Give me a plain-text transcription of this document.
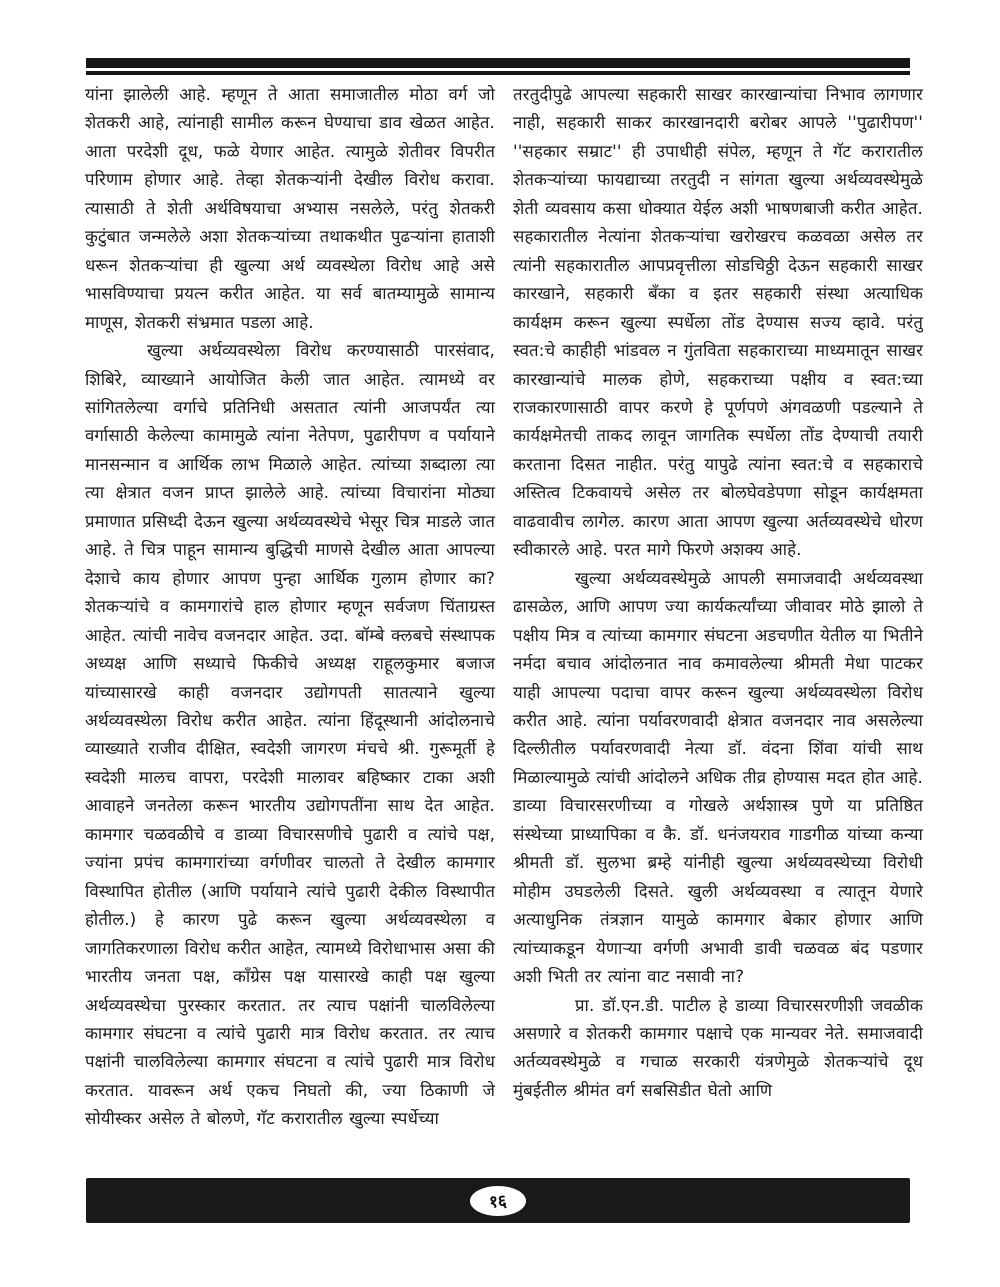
यांना झालेली आहे. म्हणून ते आता समाजातील मोठा वर्ग जो शेतकरी आहे, त्यांनाही सामील करून घेण्याचा डाव खेळत आहेत. आता परदेशी दूध, फळे येणार आहेत. त्यामुळे शेतीवर विपरीत परिणाम होणार आहे. तेव्हा शेतकऱ्यांनी देखील विरोध करावा. त्यासाठी ते शेती अर्थविषयाचा अभ्यास नसलेले, परंतु शेतकरी कुटुंबात जन्मलेले अशा शेतकऱ्यांच्या तथाकथीत पुढऱ्यांना हाताशी धरून शेतकऱ्यांचा ही खुल्या अर्थ व्यवस्थेला विरोध आहे असे भासविण्याचा प्रयत्न करीत आहेत. या सर्व बातम्यामुळे सामान्य माणूस, शेतकरी संभ्रमात पडला आहे.

खुल्या अर्थव्यवस्थेला विरोध करण्यासाठी पारसंवाद, शिबिरे, व्याख्याने आयोजित केली जात आहेत. त्यामध्ये वर सांगितलेल्या वर्गाचे प्रतिनिधी असतात त्यांनी आजपर्यंत त्या वर्गासाठी केलेल्या कामामुळे त्यांना नेतेपण, पुढारीपण व पर्यायाने मानसन्मान व आर्थिक लाभ मिळाले आहेत. त्यांच्या शब्दाला त्या त्या क्षेत्रात वजन प्राप्त झालेले आहे. त्यांच्या विचारांना मोठ्या प्रमाणात प्रसिध्दी देऊन खुल्या अर्थव्यवस्थेचे भेसूर चित्र माडले जात आहे. ते चित्र पाहून सामान्य बुद्धिची माणसे देखील आता आपल्या देशाचे काय होणार आपण पुन्हा आर्थिक गुलाम होणार का? शेतकऱ्यांचे व कामगारांचे हाल होणार म्हणून सर्वजण चिंताग्रस्त आहेत. त्यांची नावेच वजनदार आहेत. उदा. बॉम्बे क्लबचे संस्थापक अध्यक्ष आणि सध्याचे फिकीचे अध्यक्ष राहूलकुमार बजाज यांच्यासारखे काही वजनदार उद्योगपती सातत्याने खुल्या अर्थव्यवस्थेला विरोध करीत आहेत. त्यांना हिंदूस्थानी आंदोलनाचे व्याख्याते राजीव दीक्षित, स्वदेशी जागरण मंचचे श्री. गुरूमूर्ती हे स्वदेशी मालच वापरा, परदेशी मालावर बहिष्कार टाका अशी आवाहने जनतेला करून भारतीय उद्योगपतींना साथ देत आहेत. कामगार चळवळीचे व डाव्या विचारसणीचे पुढारी व त्यांचे पक्ष, ज्यांना प्रपंच कामगारांच्या वर्गणीवर चालतो ते देखील कामगार विस्थापित होतील (आणि पर्यायाने त्यांचे पुढारी देकील विस्थापीत होतील.) हे कारण पुढे करून खुल्या अर्थव्यवस्थेला व जागतिकरणाला विरोध करीत आहेत, त्यामध्ये विरोधाभास असा की भारतीय जनता पक्ष, काँग्रेस पक्ष यासारखे काही पक्ष खुल्या अर्थव्यवस्थेचा पुरस्कार करतात. तर त्याच पक्षांनी चालविलेल्या कामगार संघटना व त्यांचे पुढारी मात्र विरोध करतात. तर त्याच पक्षांनी चालविलेल्या कामगार संघटना व त्यांचे पुढारी मात्र विरोध करतात. यावरून अर्थ एकच निघतो की, ज्या ठिकाणी जे सोयीस्कर असेल ते बोलणे, गॅट करारातील खुल्या स्पर्धेच्या

तरतुदीपुढे आपल्या सहकारी साखर कारखान्यांचा निभाव लागणार नाही, सहकारी साकर कारखानदारी बरोबर आपले ''पुढारीपण'' ''सहकार सम्राट'' ही उपाधीही संपेल, म्हणून ते गॅट करारातील शेतकऱ्यांच्या फायद्याच्या तरतुदी न सांगता खुल्या अर्थव्यवस्थेमुळे शेती व्यवसाय कसा धोक्यात येईल अशी भाषणबाजी करीत आहेत. सहकारातील नेत्यांना शेतकऱ्यांचा खरोखरच कळवळा असेल तर त्यांनी सहकारातील आपप्रवृत्तीला सोडचिठ्ठी देऊन सहकारी साखर कारखाने, सहकारी बँका व इतर सहकारी संस्था अत्याधिक कार्यक्षम करून खुल्या स्पर्धेला तोंड देण्यास सज्य व्हावे. परंतु स्वत:चे काहीही भांडवल न गुंतविता सहकाराच्या माध्यमातून साखर कारखान्यांचे मालक होणे, सहकराच्या पक्षीय व स्वत:च्या राजकारणासाठी वापर करणे हे पूर्णपणे अंगवळणी पडल्याने ते कार्यक्षमेतची ताकद लावून जागतिक स्पर्धेला तोंड देण्याची तयारी करताना दिसत नाहीत. परंतु यापुढे त्यांना स्वत:चे व सहकाराचे अस्तित्व टिकवायचे असेल तर बोलघेवडेपणा सोडून कार्यक्षमता वाढवावीच लागेल. कारण आता आपण खुल्या अर्तव्यवस्थेचे धोरण स्वीकारले आहे. परत मागे फिरणे अशक्य आहे.

खुल्या अर्थव्यवस्थेमुळे आपली समाजवादी अर्थव्यवस्था ढासळेल, आणि आपण ज्या कार्यकर्त्यांच्या जीवावर मोठे झालो ते पक्षीय मित्र व त्यांच्या कामगार संघटना अडचणीत येतील या भितीने नर्मदा बचाव आंदोलनात नाव कमावलेल्या श्रीमती मेधा पाटकर याही आपल्या पदाचा वापर करून खुल्या अर्थव्यवस्थेला विरोध करीत आहे. त्यांना पर्यावरणवादी क्षेत्रात वजनदार नाव असलेल्या दिल्लीतील पर्यावरणवादी नेत्या डॉ. वंदना शिंवा यांची साथ मिळाल्यामुळे त्यांची आंदोलने अधिक तीव्र होण्यास मदत होत आहे. डाव्या विचारसरणीच्या व गोखले अर्थशास्त्र पुणे या प्रतिष्ठित संस्थेच्या प्राध्यापिका व कै. डॉ. धनंजयराव गाडगीळ यांच्या कन्या श्रीमती डॉ. सुलभा ब्रम्हे यांनीही खुल्या अर्थव्यवस्थेच्या विरोधी मोहीम उघडलेली दिसते. खुली अर्थव्यवस्था व त्यातून येणारे अत्याधुनिक तंत्रज्ञान यामुळे कामगार बेकार होणार आणि त्यांच्याकडून येणाऱ्या वर्गणी अभावी डावी चळवळ बंद पडणार अशी भिती तर त्यांना वाट नसावी ना?

प्रा. डॉ.एन.डी. पाटील हे डाव्या विचारसरणीशी जवळीक असणारे व शेतकरी कामगार पक्षाचे एक मान्यवर नेते. समाजवादी अर्तव्यवस्थेमुळे व गचाळ सरकारी यंत्रणेमुळे शेतकऱ्यांचे दूध मुंबईतील श्रीमंत वर्ग सबसिडीत घेतो आणि

१६
